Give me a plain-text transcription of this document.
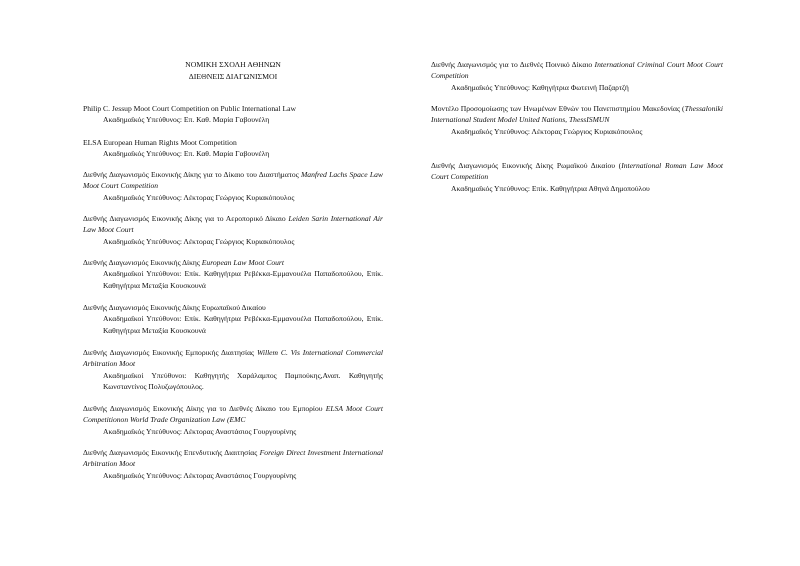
ΝΟΜΙΚΗ ΣΧΟΛΗ ΑΘΗΝΩΝ
ΔΙΕΘΝΕΙΣ ΔΙΑΓΩΝΙΣΜΟΙ
Philip C. Jessup Moot Court Competition on Public International Law
Ακαδημαϊκός Υπεύθυνος: Επ. Καθ. Μαρία Γαβουνέλη
ELSA European Human Rights Moot Competition
Ακαδημαϊκός Υπεύθυνος: Επ. Καθ. Μαρία Γαβουνέλη
Διεθνής Διαγωνισμός Εικονικής Δίκης για το Δίκαιο του Διαστήματος Manfred Lachs Space Law Moot Court Competition
Ακαδημαϊκός Υπεύθυνος: Λέκτορας Γεώργιος Κυριακόπουλος
Διεθνής Διαγωνισμός Εικονικής Δίκης για το Αεροπορικό Δίκαιο Leiden Sarin International Air Law Moot Court
Ακαδημαϊκός Υπεύθυνος: Λέκτορας Γεώργιος Κυριακόπουλος
Διεθνής Διαγωνισμός Εικονικής Δίκης European Law Moot Court
Ακαδημαϊκοί Υπεύθυνοι: Επίκ. Καθηγήτρια Ρεβέκκα-Εμμανουέλα Παπαδοπούλου, Επίκ. Καθηγήτρια Μεταξία Κουσκουνά
Διεθνής Διαγωνισμός Εικονικής Δίκης Ευρωπαϊκού Δικαίου
Ακαδημαϊκοί Υπεύθυνοι: Επίκ. Καθηγήτρια Ρεβέκκα-Εμμανουέλα Παπαδοπούλου, Επίκ. Καθηγήτρια Μεταξία Κουσκουνά
Διεθνής Διαγωνισμός Εικονικής Εμπορικής Διαιτησίας Willem C. Vis International Commercial Arbitration Moot
Ακαδημαϊκοί Υπεύθυνοι: Καθηγητής Χαράλαμπος Παμπούκης,Αναπ. Καθηγητής Κωνσταντίνος Πολυζωγόπουλος.
Διεθνής Διαγωνισμός Εικονικής Δίκης για το Διεθνές Δίκαιο του Εμπορίου ELSA Moot Court Competitionon World Trade Organization Law (EMC
Ακαδημαϊκός Υπεύθυνος: Λέκτορας Αναστάσιος Γουργουρίνης
Διεθνής Διαγωνισμός Εικονικής Επενδυτικής Διαιτησίας Foreign Direct Investment International Arbitration Moot
Ακαδημαϊκός Υπεύθυνος: Λέκτορας Αναστάσιος Γουργουρίνης
Διεθνής Διαγωνισμός για το Διεθνές Ποινικό Δίκαιο International Criminal Court Moot Court Competition
Ακαδημαϊκός Υπεύθυνος: Καθηγήτρια Φωτεινή Παζαρτζή
Μοντέλο Προσομοίωσης των Ηνωμένων Εθνών του Πανεπιστημίου Μακεδονίας (Thessaloniki International Student Model United Nations, ThessISMUN
Ακαδημαϊκός Υπεύθυνος: Λέκτορας Γεώργιος Κυριακόπουλος
Διεθνής Διαγωνισμός Εικονικής Δίκης Ρωμαϊκού Δικαίου (International Roman Law Moot Court Competition
Ακαδημαϊκός Υπεύθυνος: Επίκ. Καθηγήτρια Αθηνά Δημοπούλου
